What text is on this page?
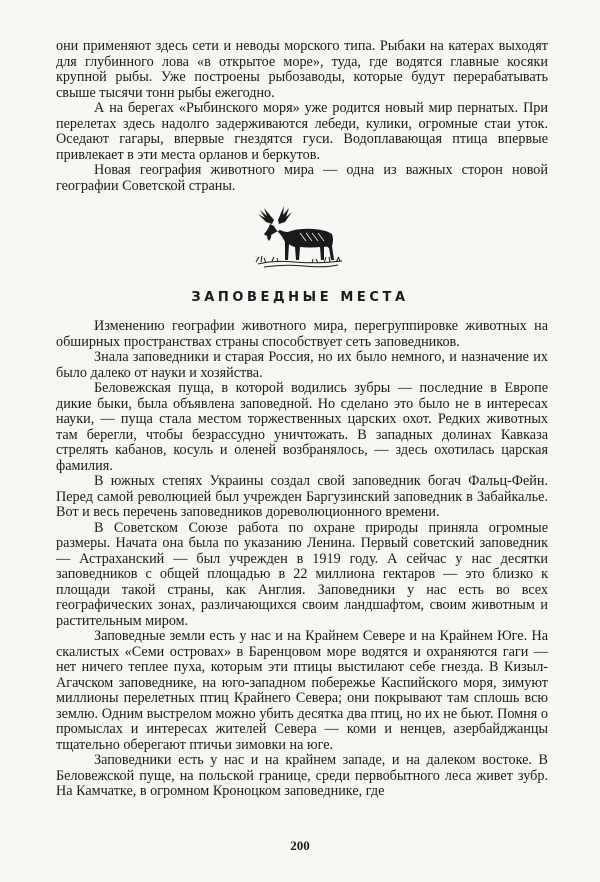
они применяют здесь сети и неводы морского типа. Рыбаки на катерах выходят для глубинного лова «в открытое море», туда, где водятся главные косяки крупной рыбы. Уже построены рыбозаводы, которые будут перерабатывать свыше тысячи тонн рыбы ежегодно.

А на берегах «Рыбинского моря» уже родится новый мир пернатых. При перелетах здесь надолго задерживаются лебеди, кулики, огромные стаи уток. Оседают гагары, впервые гнездятся гуси. Водоплавающая птица впервые привлекает в эти места орланов и беркутов.

Новая география животного мира — одна из важных сторон новой географии Советской страны.

ЗАПОВЕДНЫЕ МЕСТА

Изменению географии животного мира, перегруппировке животных на обширных пространствах страны способствует сеть заповедников.

Знала заповедники и старая Россия, но их было немного, и назначение их было далеко от науки и хозяйства.

Беловежская пуща, в которой водились зубры — последние в Европе дикие быки, была объявлена заповедной. Но сделано это было не в интересах науки, — пуща стала местом торжественных царских охот. Редких животных там берегли, чтобы безрассудно уничтожать. В западных долинах Кавказа стрелять кабанов, косуль и оленей возбранялось, — здесь охотилась царская фамилия.

В южных степях Украины создал свой заповедник богач Фальц-Фейн. Перед самой революцией был учрежден Баргузинский заповедник в Забайкалье. Вот и весь перечень заповедников дореволюционного времени.

В Советском Союзе работа по охране природы приняла огромные размеры. Начата она была по указанию Ленина. Первый советский заповедник — Астраханский — был учрежден в 1919 году. А сейчас у нас десятки заповедников с общей площадью в 22 миллиона гектаров — это близко к площади такой страны, как Англия. Заповедники у нас есть во всех географических зонах, различающихся своим ландшафтом, своим животным и растительным миром.

Заповедные земли есть у нас и на Крайнем Севере и на Крайнем Юге. На скалистых «Семи островах» в Баренцовом море водятся и охраняются гаги — нет ничего теплее пуха, которым эти птицы выстилают себе гнезда. В Кизыл-Агачском заповеднике, на юго-западном побережье Каспийского моря, зимуют миллионы перелетных птиц Крайнего Севера; они покрывают там сплошь всю землю. Одним выстрелом можно убить десятка два птиц, но их не бьют. Помня о промыслах и интересах жителей Севера — коми и ненцев, азербайджанцы тщательно оберегают птичьи зимовки на юге.

Заповедники есть у нас и на крайнем западе, и на далеком востоке. В Беловежской пуще, на польской границе, среди первобытного леса живет зубр. На Камчатке, в огромном Кроноцком заповеднике, где

200
